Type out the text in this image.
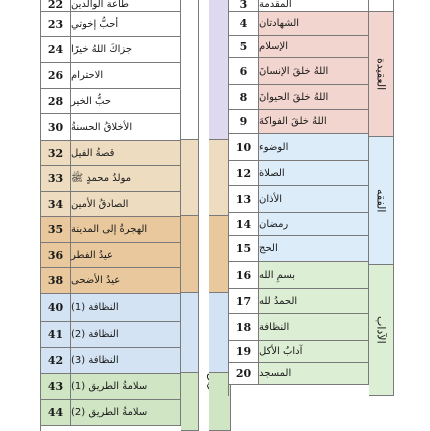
22 طاعة الوالدين
23 أحبُّ إخوتي
24 جزاكَ اللهُ خيرًا
26 الاحترام
28 حبُّ الخير
30 الأخلاقُ الحسنةُ
32 قصةُ الفيل
33 مولدُ محمدٍ ﷺ
34 الصادقُ الأمين
35 الهجرةُ إلى المدينة
36 عيدُ الفطر
38 عيدُ الأضحى
40 النظافة (1)
41 النظافة (2)
42 النظافة (3)
43 سلامةُ الطريق (1)
44 سلامةُ الطريق (2)
3	المقدمة
4	الشهادتان
5	الإسلام
6	اللهُ خلقَ الإنسانَ
8	اللهُ خلقَ الحيوانَ
9	اللهُ خلقَ الفواكهَ
10 الوضوء
12 الصلاة
13 الأذان
14 رمضان
15 الحج
16 بسمِ الله
17 الحمدُ لله
18 النظافة
19 آدابُ الأكل
20 المسجد
العقيدة
الفقه
الآداب
